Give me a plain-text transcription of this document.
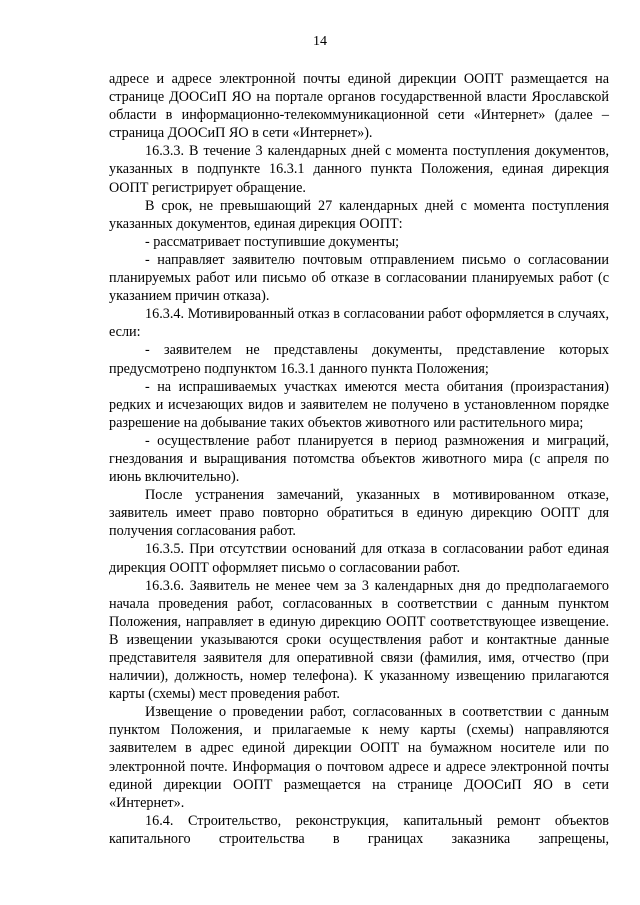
14

адресе и адресе электронной почты единой дирекции ООПТ размещается на странице ДООСиП ЯО на портале органов государственной власти Ярославской области в информационно-телекоммуникационной сети «Интернет» (далее – страница ДООСиП ЯО в сети «Интернет»).

16.3.3. В течение 3 календарных дней с момента поступления документов, указанных в подпункте 16.3.1 данного пункта Положения, единая дирекция ООПТ регистрирует обращение.

В срок, не превышающий 27 календарных дней с момента поступления указанных документов, единая дирекция ООПТ:

- рассматривает поступившие документы;

- направляет заявителю почтовым отправлением письмо о согласовании планируемых работ или письмо об отказе в согласовании планируемых работ (с указанием причин отказа).

16.3.4. Мотивированный отказ в согласовании работ оформляется в случаях, если:

- заявителем не представлены документы, представление которых предусмотрено подпунктом 16.3.1 данного пункта Положения;

- на испрашиваемых участках имеются места обитания (произрастания) редких и исчезающих видов и заявителем не получено в установленном порядке разрешение на добывание таких объектов животного или растительного мира;

- осуществление работ планируется в период размножения и миграций, гнездования и выращивания потомства объектов животного мира (с апреля по июнь включительно).

После устранения замечаний, указанных в мотивированном отказе, заявитель имеет право повторно обратиться в единую дирекцию ООПТ для получения согласования работ.

16.3.5. При отсутствии оснований для отказа в согласовании работ единая дирекция ООПТ оформляет письмо о согласовании работ.

16.3.6. Заявитель не менее чем за 3 календарных дня до предполагаемого начала проведения работ, согласованных в соответствии с данным пунктом Положения, направляет в единую дирекцию ООПТ соответствующее извещение. В извещении указываются сроки осуществления работ и контактные данные представителя заявителя для оперативной связи (фамилия, имя, отчество (при наличии), должность, номер телефона). К указанному извещению прилагаются карты (схемы) мест проведения работ.

Извещение о проведении работ, согласованных в соответствии с данным пунктом Положения, и прилагаемые к нему карты (схемы) направляются заявителем в адрес единой дирекции ООПТ на бумажном носителе или по электронной почте. Информация о почтовом адресе и адресе электронной почты единой дирекции ООПТ размещается на странице ДООСиП ЯО в сети «Интернет».

16.4. Строительство, реконструкция, капитальный ремонт объектов капитального строительства в границах заказника запрещены,
